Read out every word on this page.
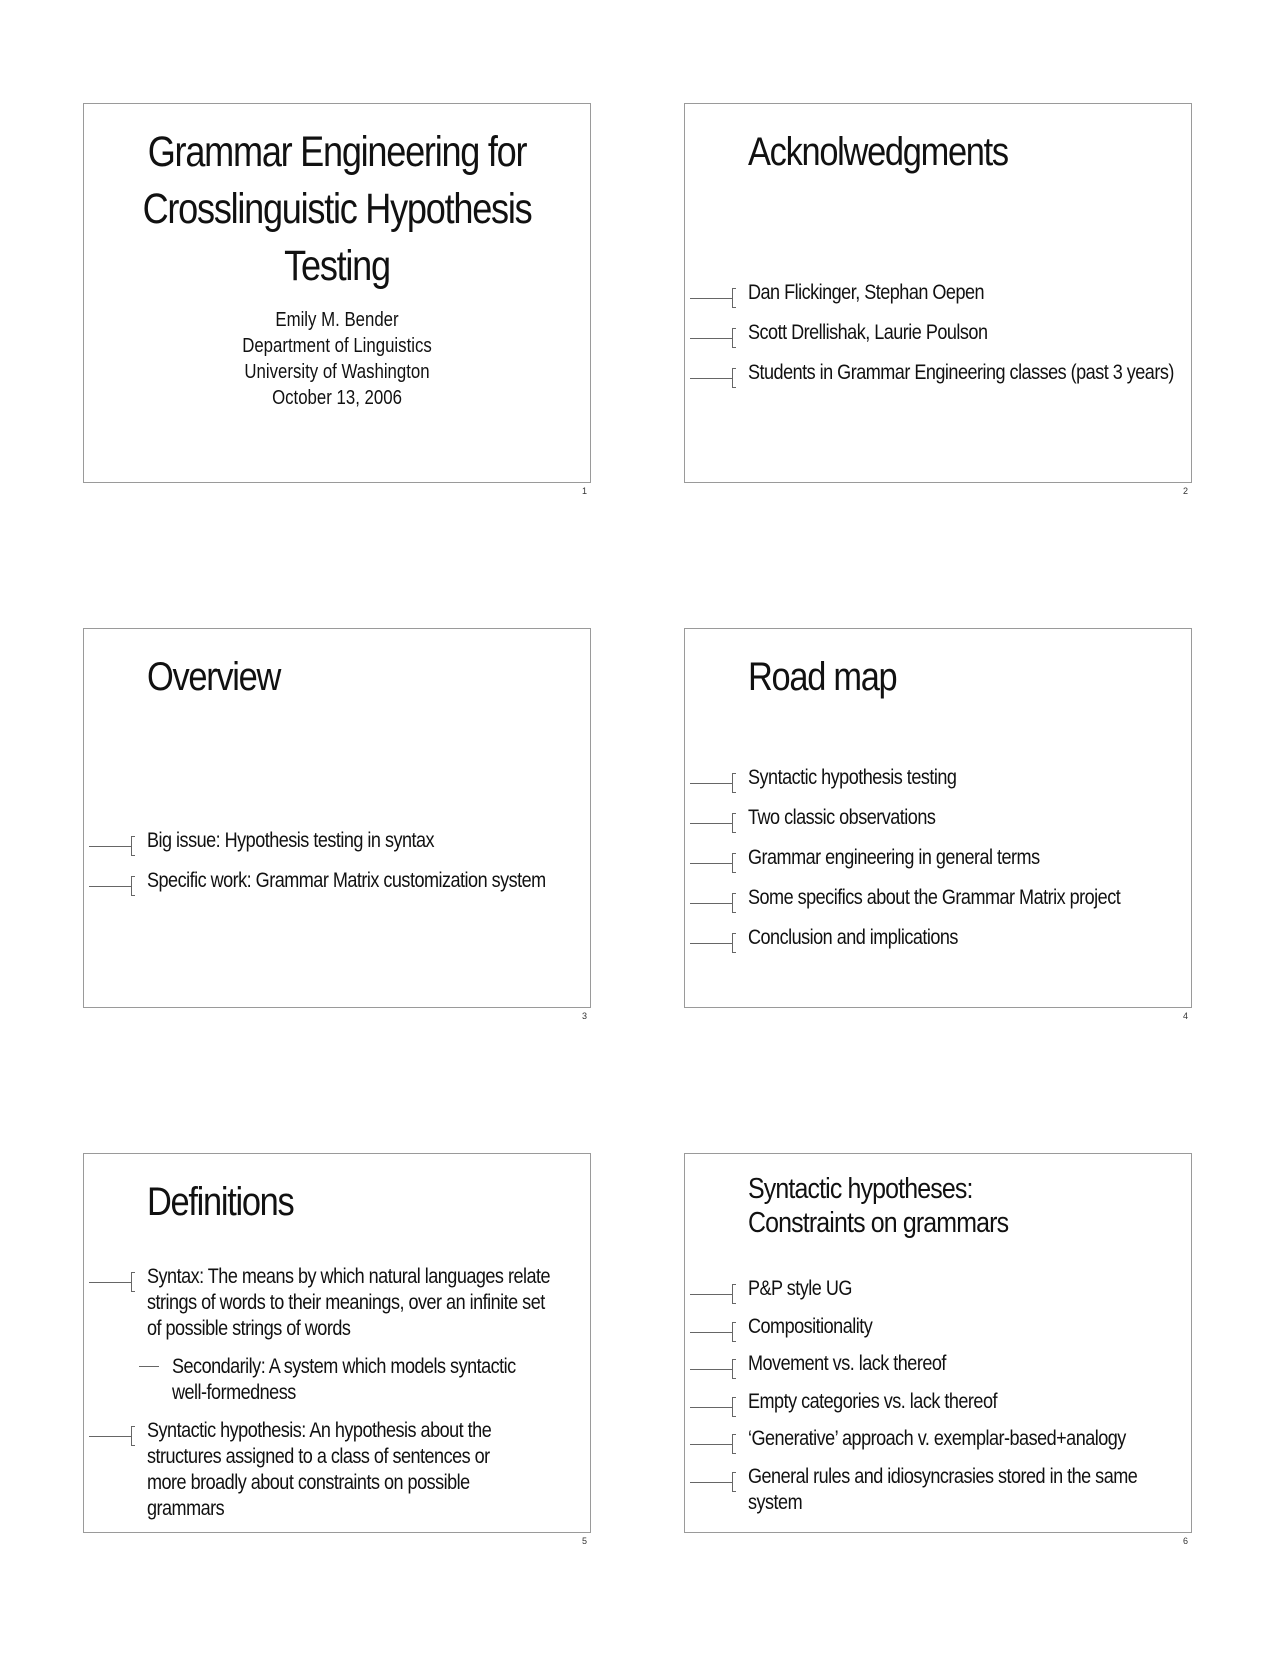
Grammar Engineering for
Crosslinguistic Hypothesis
Testing
Emily M. Bender
Department of Linguistics
University of Washington
October 13, 2006
1
Acknolwedgments
Dan Flickinger, Stephan Oepen
Scott Drellishak, Laurie Poulson
Students in Grammar Engineering classes (past 3 years)
2
Overview
Big issue: Hypothesis testing in syntax
Specific work: Grammar Matrix customization system
3
Road map
Syntactic hypothesis testing
Two classic observations
Grammar engineering in general terms
Some specifics about the Grammar Matrix project
Conclusion and implications
4
Definitions
Syntax: The means by which natural languages relate strings of words to their meanings, over an infinite set of possible strings of words
Secondarily: A system which models syntactic well-formedness
Syntactic hypothesis: An hypothesis about the structures assigned to a class of sentences or more broadly about constraints on possible grammars
5
Syntactic hypotheses:
Constraints on grammars
P&P style UG
Compositionality
Movement vs. lack thereof
Empty categories vs. lack thereof
‘Generative’ approach v. exemplar-based+analogy
General rules and idiosyncrasies stored in the same system
6
